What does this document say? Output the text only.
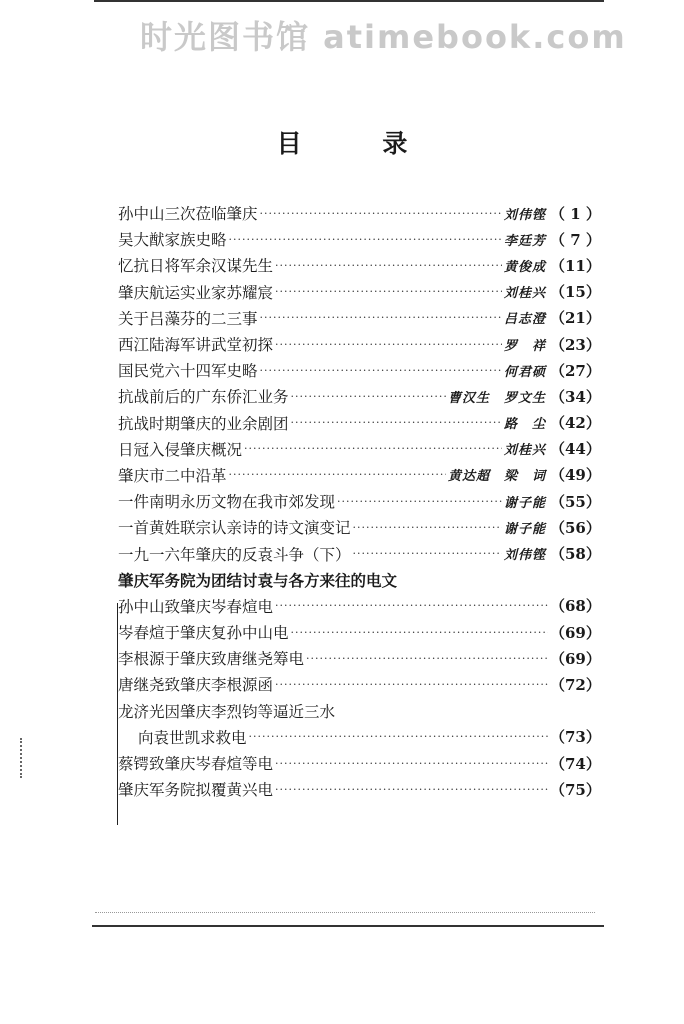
时光图书馆 atimebook.com
目 录
孙中山三次莅临肇庆 ·····	刘伟铿 （ 1 ）
吴大猷家族史略 ·····	李廷芳 （ 7 ）
忆抗日将军余汉谋先生 ·····	黄俊成 （11）
肇庆航运实业家苏耀宸 ·····	刘桂兴 （15）
关于吕藻芬的二三事 ·····	吕志澄 （21）
西江陆海军讲武堂初探 ·····	罗　祥 （23）
国民党六十四军史略 ·····	何君硕 （27）
抗战前后的广东侨汇业务 ·····	曹汉生　罗文生 （34）
抗战时期肇庆的业余剧团 ·····	路　尘 （42）
日冠入侵肇庆概况 ·····	刘桂兴 （44）
肇庆市二中沿革 ·····	黄达超　梁　词 （49）
一件南明永历文物在我市郊发现 ·····	谢子能 （55）
一首黄姓联宗认亲诗的诗文演变记 ·····	谢子能 （56）
一九一六年肇庆的反袁斗争（下） ·····	刘伟铿 （58）
肇庆军务院为团结讨袁与各方来往的电文
孙中山致肇庆岑春煊电 ·····	（68）
岑春煊于肇庆复孙中山电 ·····	（69）
李根源于肇庆致唐继尧筹电 ·····	（69）
唐继尧致肇庆李根源函 ·····	（72）
龙济光因肇庆李烈钧等逼近三水
向袁世凯求救电 ·····	（73）
蔡锷致肇庆岑春煊等电 ·····	（74）
肇庆军务院拟覆黄兴电 ·····	（75）
